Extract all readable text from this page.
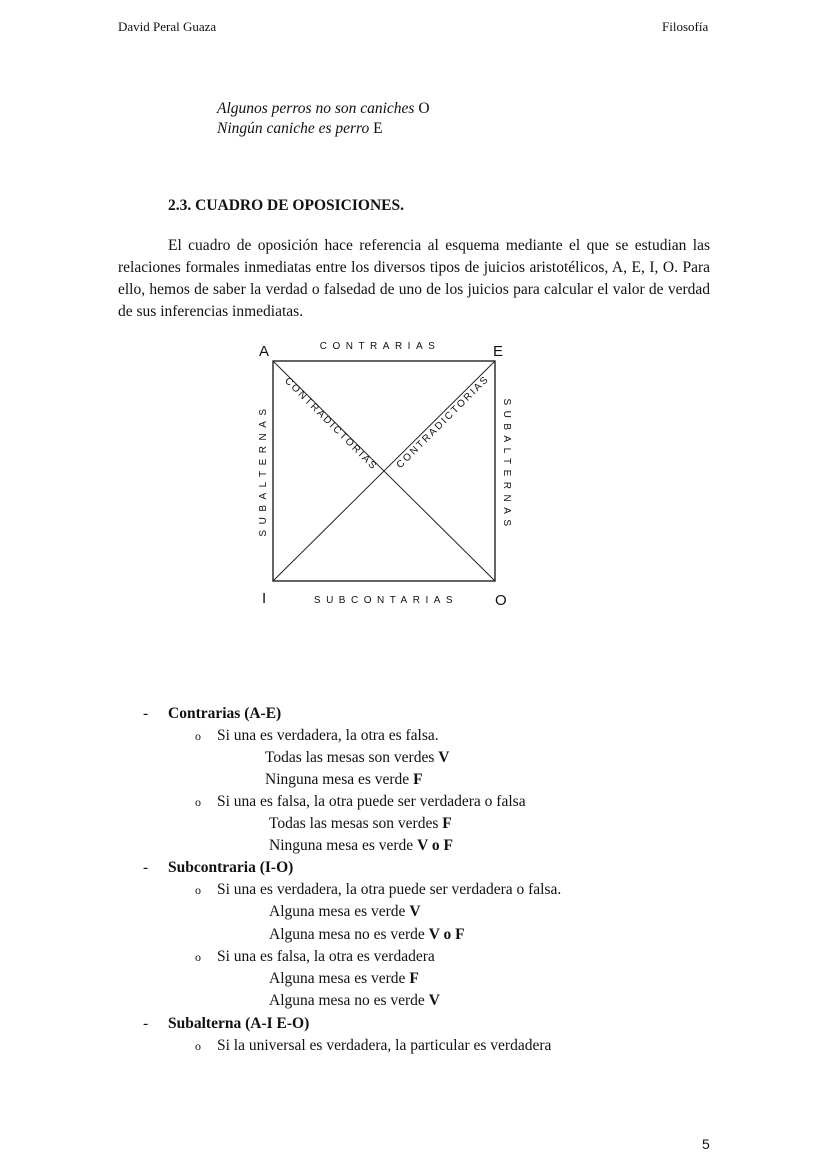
David Peral Guaza	Filosofía
Algunos perros no son caniches O
Ningún caniche es perro E
2.3. CUADRO DE OPOSICIONES.

El cuadro de oposición hace referencia al esquema mediante el que se estudian las relaciones formales inmediatas entre los diversos tipos de juicios aristotélicos, A, E, I, O. Para ello, hemos de saber la verdad o falsedad de uno de los juicios para calcular el valor de verdad de sus inferencias inmediatas.

A	E
I	O
CONTRARIAS
SUBCONTARIAS
SUBALTERNAS	SUBALTERNAS
CONTRADICTORIAS CONTRADICTORIAS
- Contrarias (A-E)
o Si una es verdadera, la otra es falsa.
Todas las mesas son verdes V
Ninguna mesa es verde F
o Si una es falsa, la otra puede ser verdadera o falsa
Todas las mesas son verdes F
Ninguna mesa es verde V o F
- Subcontraria (I-O)
o Si una es verdadera, la otra puede ser verdadera o falsa.
Alguna mesa es verde V
Alguna mesa no es verde V o F
o Si una es falsa, la otra es verdadera
Alguna mesa es verde F
Alguna mesa no es verde V
- Subalterna (A-I E-O)
o Si la universal es verdadera, la particular es verdadera
5
